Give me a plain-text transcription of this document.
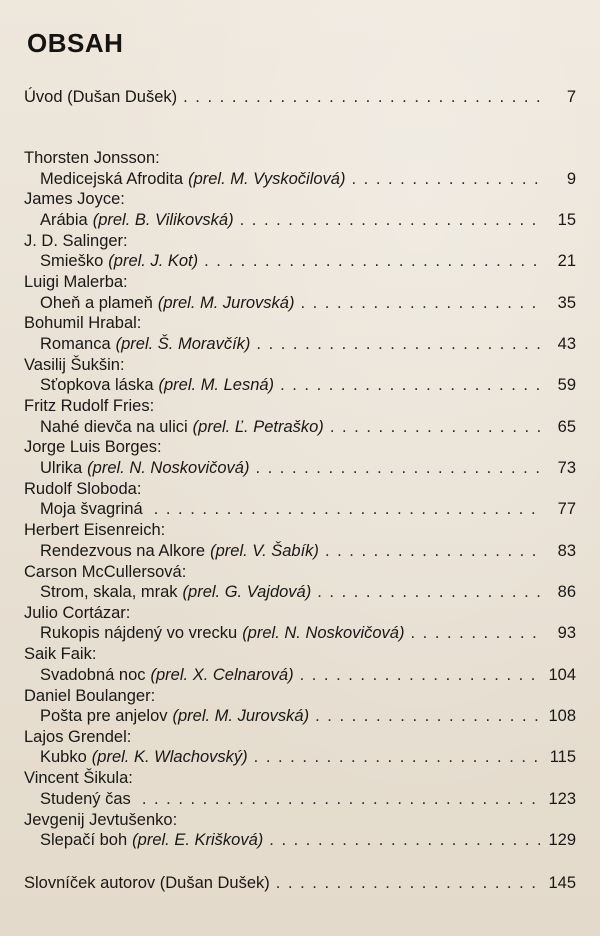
OBSAH
Úvod (Dušan Dušek) . . .	7
Thorsten Jonsson:
Medicejská Afrodita (prel. M. Vyskočilová) . . .	9
James Joyce:
Arábia (prel. B. Vilikovská) . . .	15
J. D. Salinger:
Smieško (prel. J. Kot) . . .	21
Luigi Malerba:
Oheň a plameň (prel. M. Jurovská) . . .	35
Bohumil Hrabal:
Romanca (prel. Š. Moravčík) . . .	43
Vasilij Šukšin:
Sťopkova láska (prel. M. Lesná) . . .	59
Fritz Rudolf Fries:
Nahé dievča na ulici (prel. Ľ. Petraško) . . .	65
Jorge Luis Borges:
Ulrika (prel. N. Noskovičová) . . .	73
Rudolf Sloboda:
Moja švagriná . . .	77
Herbert Eisenreich:
Rendezvous na Alkore (prel. V. Šabík) . . .	83
Carson McCullersová:
Strom, skala, mrak (prel. G. Vajdová) . . .	86
Julio Cortázar:
Rukopis nájdený vo vrecku (prel. N. Noskovičová) . . .	93
Saik Faik:
Svadobná noc (prel. X. Celnarová) . . .	104
Daniel Boulanger:
Pošta pre anjelov (prel. M. Jurovská) . . .	108
Lajos Grendel:
Kubko (prel. K. Wlachovský) . . .	115
Vincent Šikula:
Studený čas . . .	123
Jevgenij Jevtušenko:
Slepačí boh (prel. E. Krišková) . . .	129
Slovníček autorov (Dušan Dušek) . . .	145
